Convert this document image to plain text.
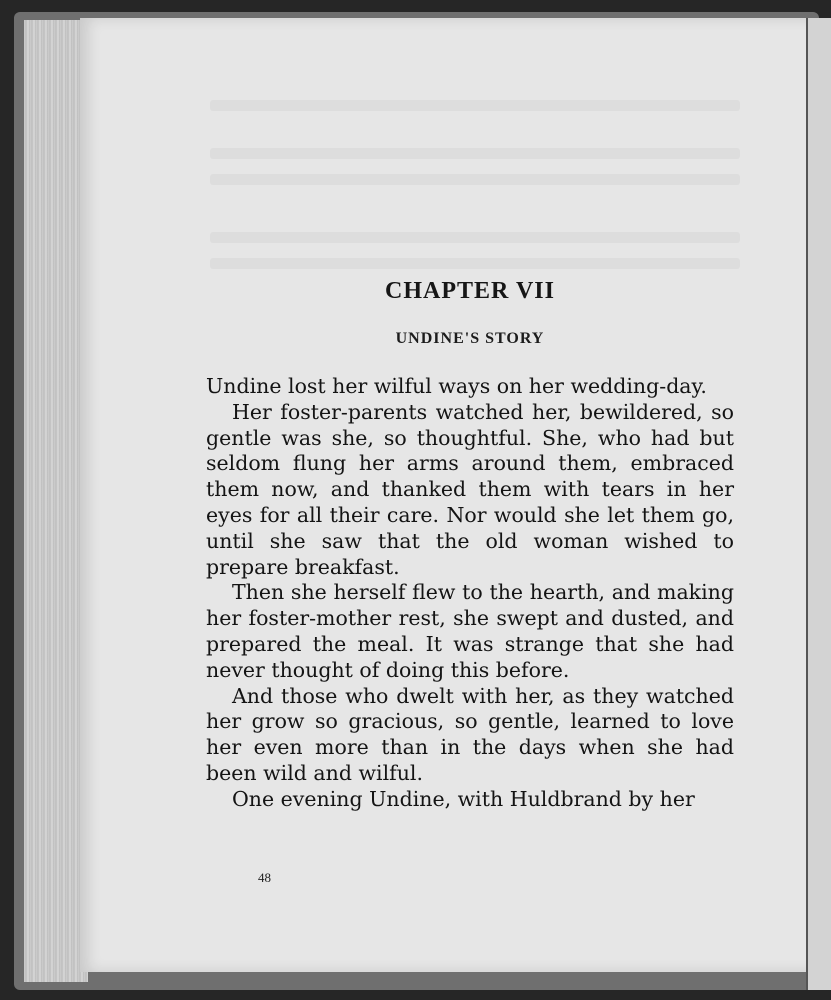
CHAPTER VII
UNDINE'S STORY

Undine lost her wilful ways on her wedding-day.

Her foster-parents watched her, bewildered, so gentle was she, so thoughtful. She, who had but seldom flung her arms around them, embraced them now, and thanked them with tears in her eyes for all their care. Nor would she let them go, until she saw that the old woman wished to prepare breakfast.

Then she herself flew to the hearth, and making her foster-mother rest, she swept and dusted, and prepared the meal. It was strange that she had never thought of doing this before.

And those who dwelt with her, as they watched her grow so gracious, so gentle, learned to love her even more than in the days when she had been wild and wilful.

One evening Undine, with Huldbrand by her

48
